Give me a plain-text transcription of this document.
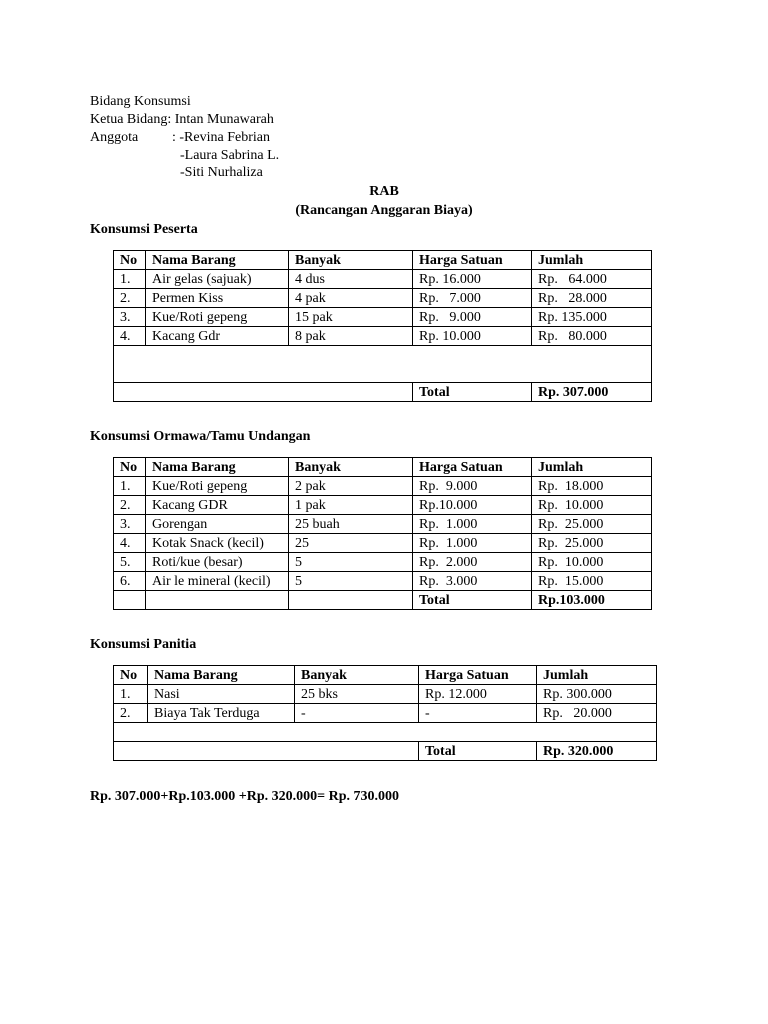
Bidang Konsumsi
Ketua Bidang: Intan Munawarah
Anggota : -Revina Febrian
-Laura Sabrina L.
-Siti Nurhaliza
RAB
(Rancangan Anggaran Biaya)
Konsumsi Peserta
No	Nama Barang	Banyak	Harga Satuan	Jumlah
1.	Air gelas (sajuak)	4 dus	Rp. 16.000	Rp.   64.000
2.	Permen Kiss	4 pak	Rp.   7.000	Rp.   28.000
3.	Kue/Roti gepeng	15 pak	Rp.   9.000	Rp. 135.000
4.	Kacang Gdr	8 pak	Rp. 10.000	Rp.   80.000

			Total	Rp. 307.000
Konsumsi Ormawa/Tamu Undangan
No	Nama Barang	Banyak	Harga Satuan	Jumlah
1.	Kue/Roti gepeng	2 pak	Rp.  9.000	Rp.  18.000
2.	Kacang GDR	1 pak	Rp.10.000	Rp.  10.000
3.	Gorengan	25 buah	Rp.  1.000	Rp.  25.000
4.	Kotak Snack (kecil)	25	Rp.  1.000	Rp.  25.000
5.	Roti/kue (besar)	5	Rp.  2.000	Rp.  10.000
6.	Air le mineral (kecil)	5	Rp.  3.000	Rp.  15.000
			Total	Rp.103.000
Konsumsi Panitia
No	Nama Barang	Banyak	Harga Satuan	Jumlah
1.	Nasi	25 bks	Rp. 12.000	Rp. 300.000
2.	Biaya Tak Terduga	-	-	Rp.   20.000

			Total	Rp. 320.000
Rp. 307.000+Rp.103.000 +Rp. 320.000= Rp. 730.000
